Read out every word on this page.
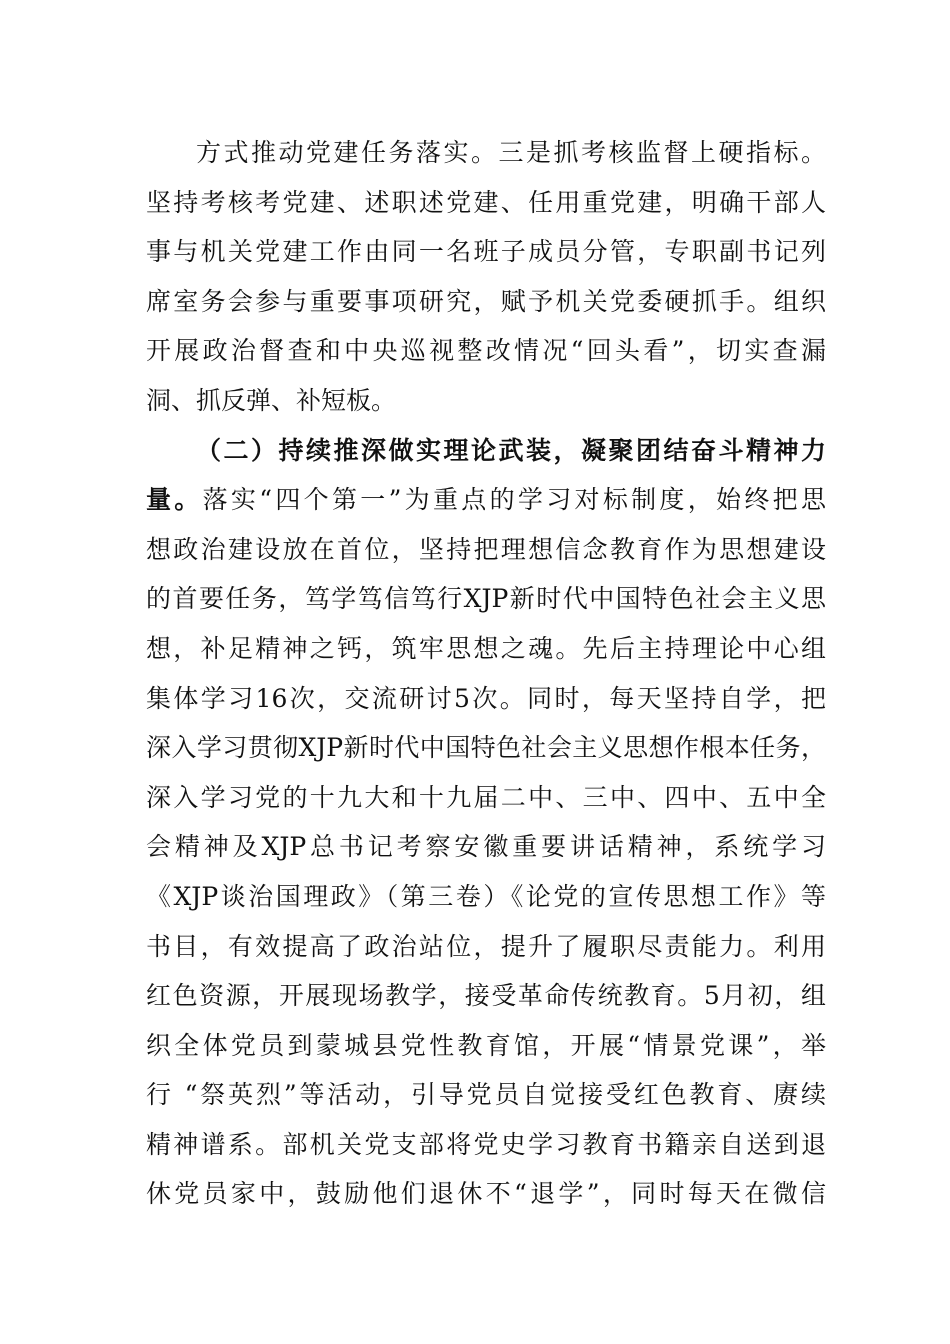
方式推动党建任务落实。三是抓考核监督上硬指标。
坚持考核考党建、述职述党建、任用重党建，明确干部人
事与机关党建工作由同一名班子成员分管，专职副书记列
席室务会参与重要事项研究，赋予机关党委硬抓手。组织
开展政治督查和中央巡视整改情况“回头看”，切实查漏
洞、抓反弹、补短板。
（二）持续推深做实理论武装，凝聚团结奋斗精神力
量。落实“四个第一”为重点的学习对标制度，始终把思
想政治建设放在首位，坚持把理想信念教育作为思想建设
的首要任务，笃学笃信笃行XJP新时代中国特色社会主义思
想，补足精神之钙，筑牢思想之魂。先后主持理论中心组
集体学习16次，交流研讨5次。同时，每天坚持自学，把
深入学习贯彻XJP新时代中国特色社会主义思想作根本任务，
深入学习党的十九大和十九届二中、三中、四中、五中全
会精神及XJP总书记考察安徽重要讲话精神，系统学习
《XJP谈治国理政》（第三卷）《论党的宣传思想工作》等
书目，有效提高了政治站位，提升了履职尽责能力。利用
红色资源，开展现场教学，接受革命传统教育。5月初，组
织全体党员到蒙城县党性教育馆，开展“情景党课”，举
行 “祭英烈”等活动，引导党员自觉接受红色教育、赓续
精神谱系。部机关党支部将党史学习教育书籍亲自送到退
休党员家中，鼓励他们退休不“退学”，同时每天在微信
